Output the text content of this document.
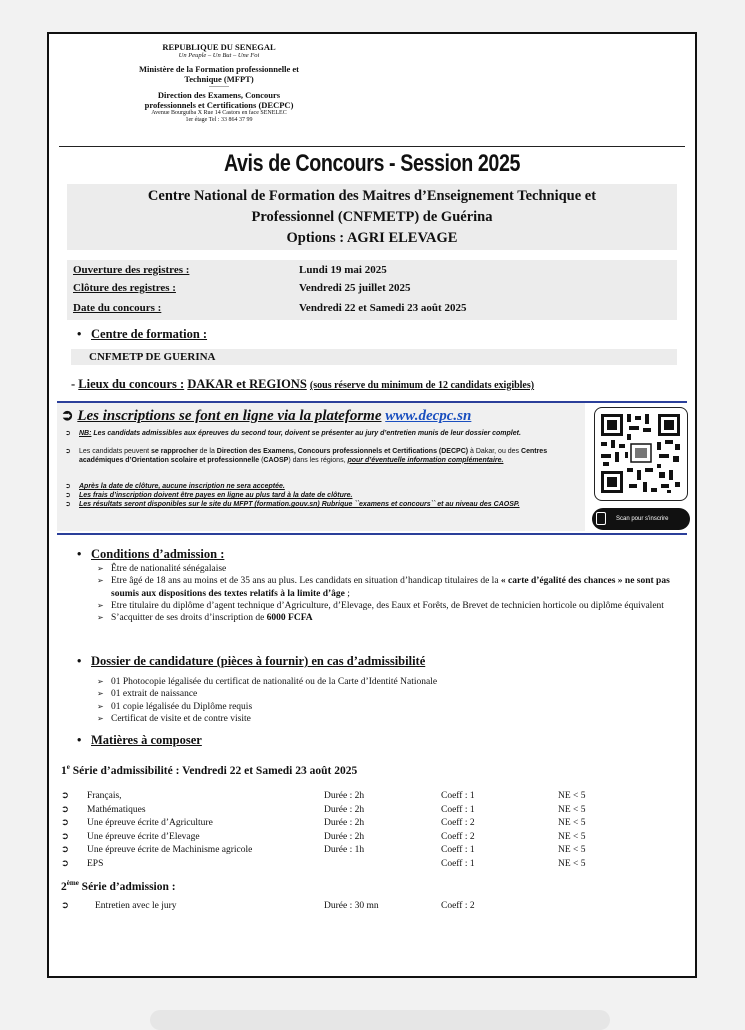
REPUBLIQUE DU SENEGAL
Un Peuple – Un But – Une Foi
Ministère de la Formation professionnelle et
Technique (MFPT)
----------
Direction des Examens, Concours
professionnels et Certifications (DECPC)
Avenue Bourguiba X Rue 14 Castors en face SENELEC
1er étage Tel : 33 864 37 99
Avis de Concours - Session 2025
Centre National de Formation des Maitres d’Enseignement Technique et
Professionnel (CNFMETP) de Guérina
Options : AGRI ELEVAGE
Ouverture des registres :	Lundi 19 mai 2025
Clôture des registres :	Vendredi 25 juillet 2025
Date du concours :	Vendredi 22 et Samedi 23 août 2025
• Centre de formation :
CNFMETP DE GUERINA
- Lieux du concours : DAKAR et REGIONS (sous réserve du minimum de 12 candidats exigibles)
➲ Les inscriptions se font en ligne via la plateforme www.decpc.sn
➲ NB: Les candidats admissibles aux épreuves du second tour, doivent se présenter au jury d’entretien munis de leur dossier complet.
➲ Les candidats peuvent se rapprocher de la Direction des Examens, Concours professionnels et Certifications (DECPC) à Dakar, ou des Centres académiques d’Orientation scolaire et professionnelle (CAOSP) dans les régions, pour d’éventuelle information complémentaire.
➲ Après la date de clôture, aucune inscription ne sera acceptée.
➲ Les frais d’inscription doivent être payes en ligne au plus tard à la date de clôture.
➲ Les résultats seront disponibles sur le site du MFPT (formation.gouv.sn) Rubrique ``examens et concours`` et au niveau des CAOSP.
Scan pour s'inscrire
• Conditions d’admission :
➢ Être de nationalité sénégalaise
➢ Etre âgé de 18 ans au moins et de 35 ans au plus. Les candidats en situation d’handicap titulaires de la « carte d’égalité des chances » ne sont pas soumis aux dispositions des textes relatifs à la limite d’âge ;
➢ Etre titulaire du diplôme d’agent technique d’Agriculture, d’Elevage, des Eaux et Forêts, de Brevet de technicien horticole ou diplôme équivalent
➢ S’acquitter de ses droits d’inscription de 6000 FCFA
• Dossier de candidature (pièces à fournir) en cas d’admissibilité
➢ 01 Photocopie légalisée du certificat de nationalité ou de la Carte d’Identité Nationale
➢ 01 extrait de naissance
➢ 01 copie légalisée du Diplôme requis
➢ Certificat de visite et de contre visite
• Matières à composer
1e Série d’admissibilité : Vendredi 22 et Samedi 23 août 2025
➲	Français,	Durée : 2h	Coeff : 1	NE < 5
➲	Mathématiques	Durée : 2h	Coeff : 1	NE < 5
➲	Une épreuve écrite d’Agriculture	Durée : 2h	Coeff : 2	NE < 5
➲	Une épreuve écrite d’Elevage	Durée : 2h	Coeff : 2	NE < 5
➲	Une épreuve écrite de Machinisme agricole	Durée : 1h	Coeff : 1	NE < 5
➲	EPS		Coeff : 1	NE < 5
2ème Série d’admission :
➲	Entretien avec le jury	Durée : 30 mn	Coeff : 2
